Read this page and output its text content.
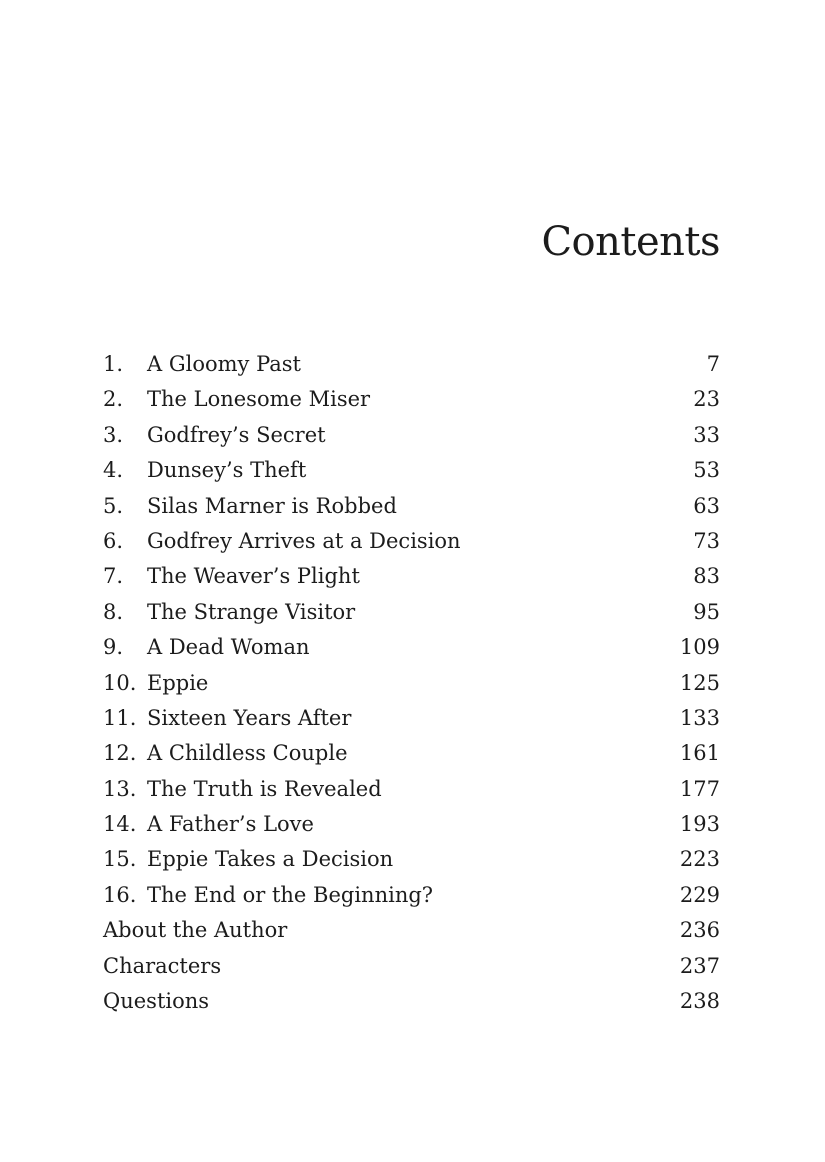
Contents
1.	A Gloomy Past	7
2.	The Lonesome Miser	23
3.	Godfrey’s Secret	33
4.	Dunsey’s Theft	53
5.	Silas Marner is Robbed	63
6.	Godfrey Arrives at a Decision	73
7.	The Weaver’s Plight	83
8.	The Strange Visitor	95
9.	A Dead Woman	109
10. Eppie	125
11. Sixteen Years After	133
12. A Childless Couple	161
13. The Truth is Revealed	177
14. A Father’s Love	193
15. Eppie Takes a Decision	223
16. The End or the Beginning?	229
About the Author	236
Characters	237
Questions	238
